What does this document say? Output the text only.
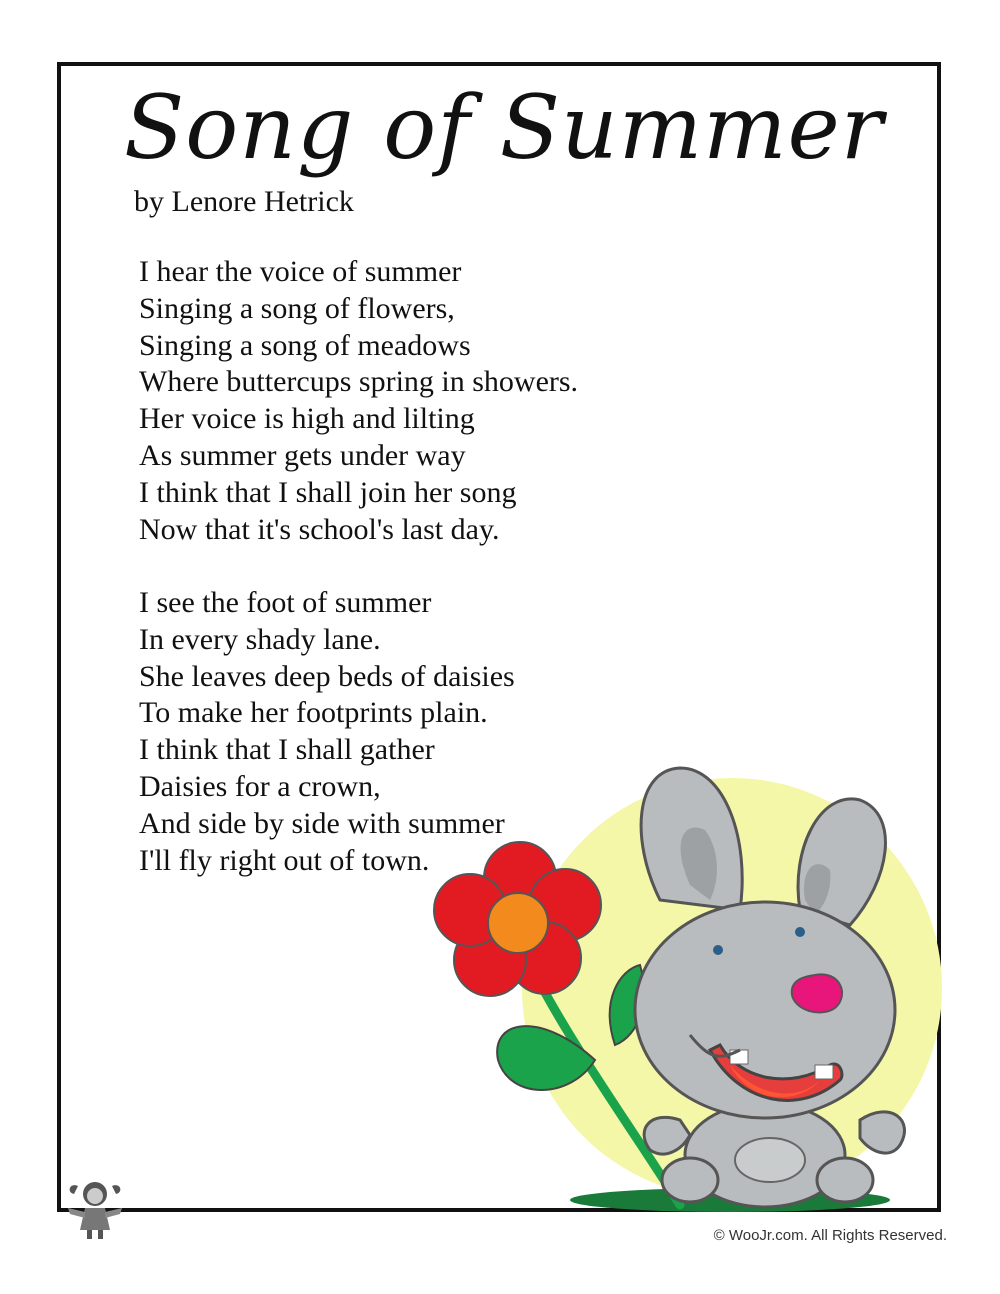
Song of Summer

by Lenore Hetrick

I hear the voice of summer
Singing a song of flowers,
Singing a song of meadows
Where buttercups spring in showers.
Her voice is high and lilting
As summer gets under way
I think that I shall join her song
Now that it's school's last day.
I see the foot of summer
In every shady lane.
She leaves deep beds of daisies
To make her footprints plain.
I think that I shall gather
Daisies for a crown,
And side by side with summer
I'll fly right out of town.
© WooJr.com. All Rights Reserved.
